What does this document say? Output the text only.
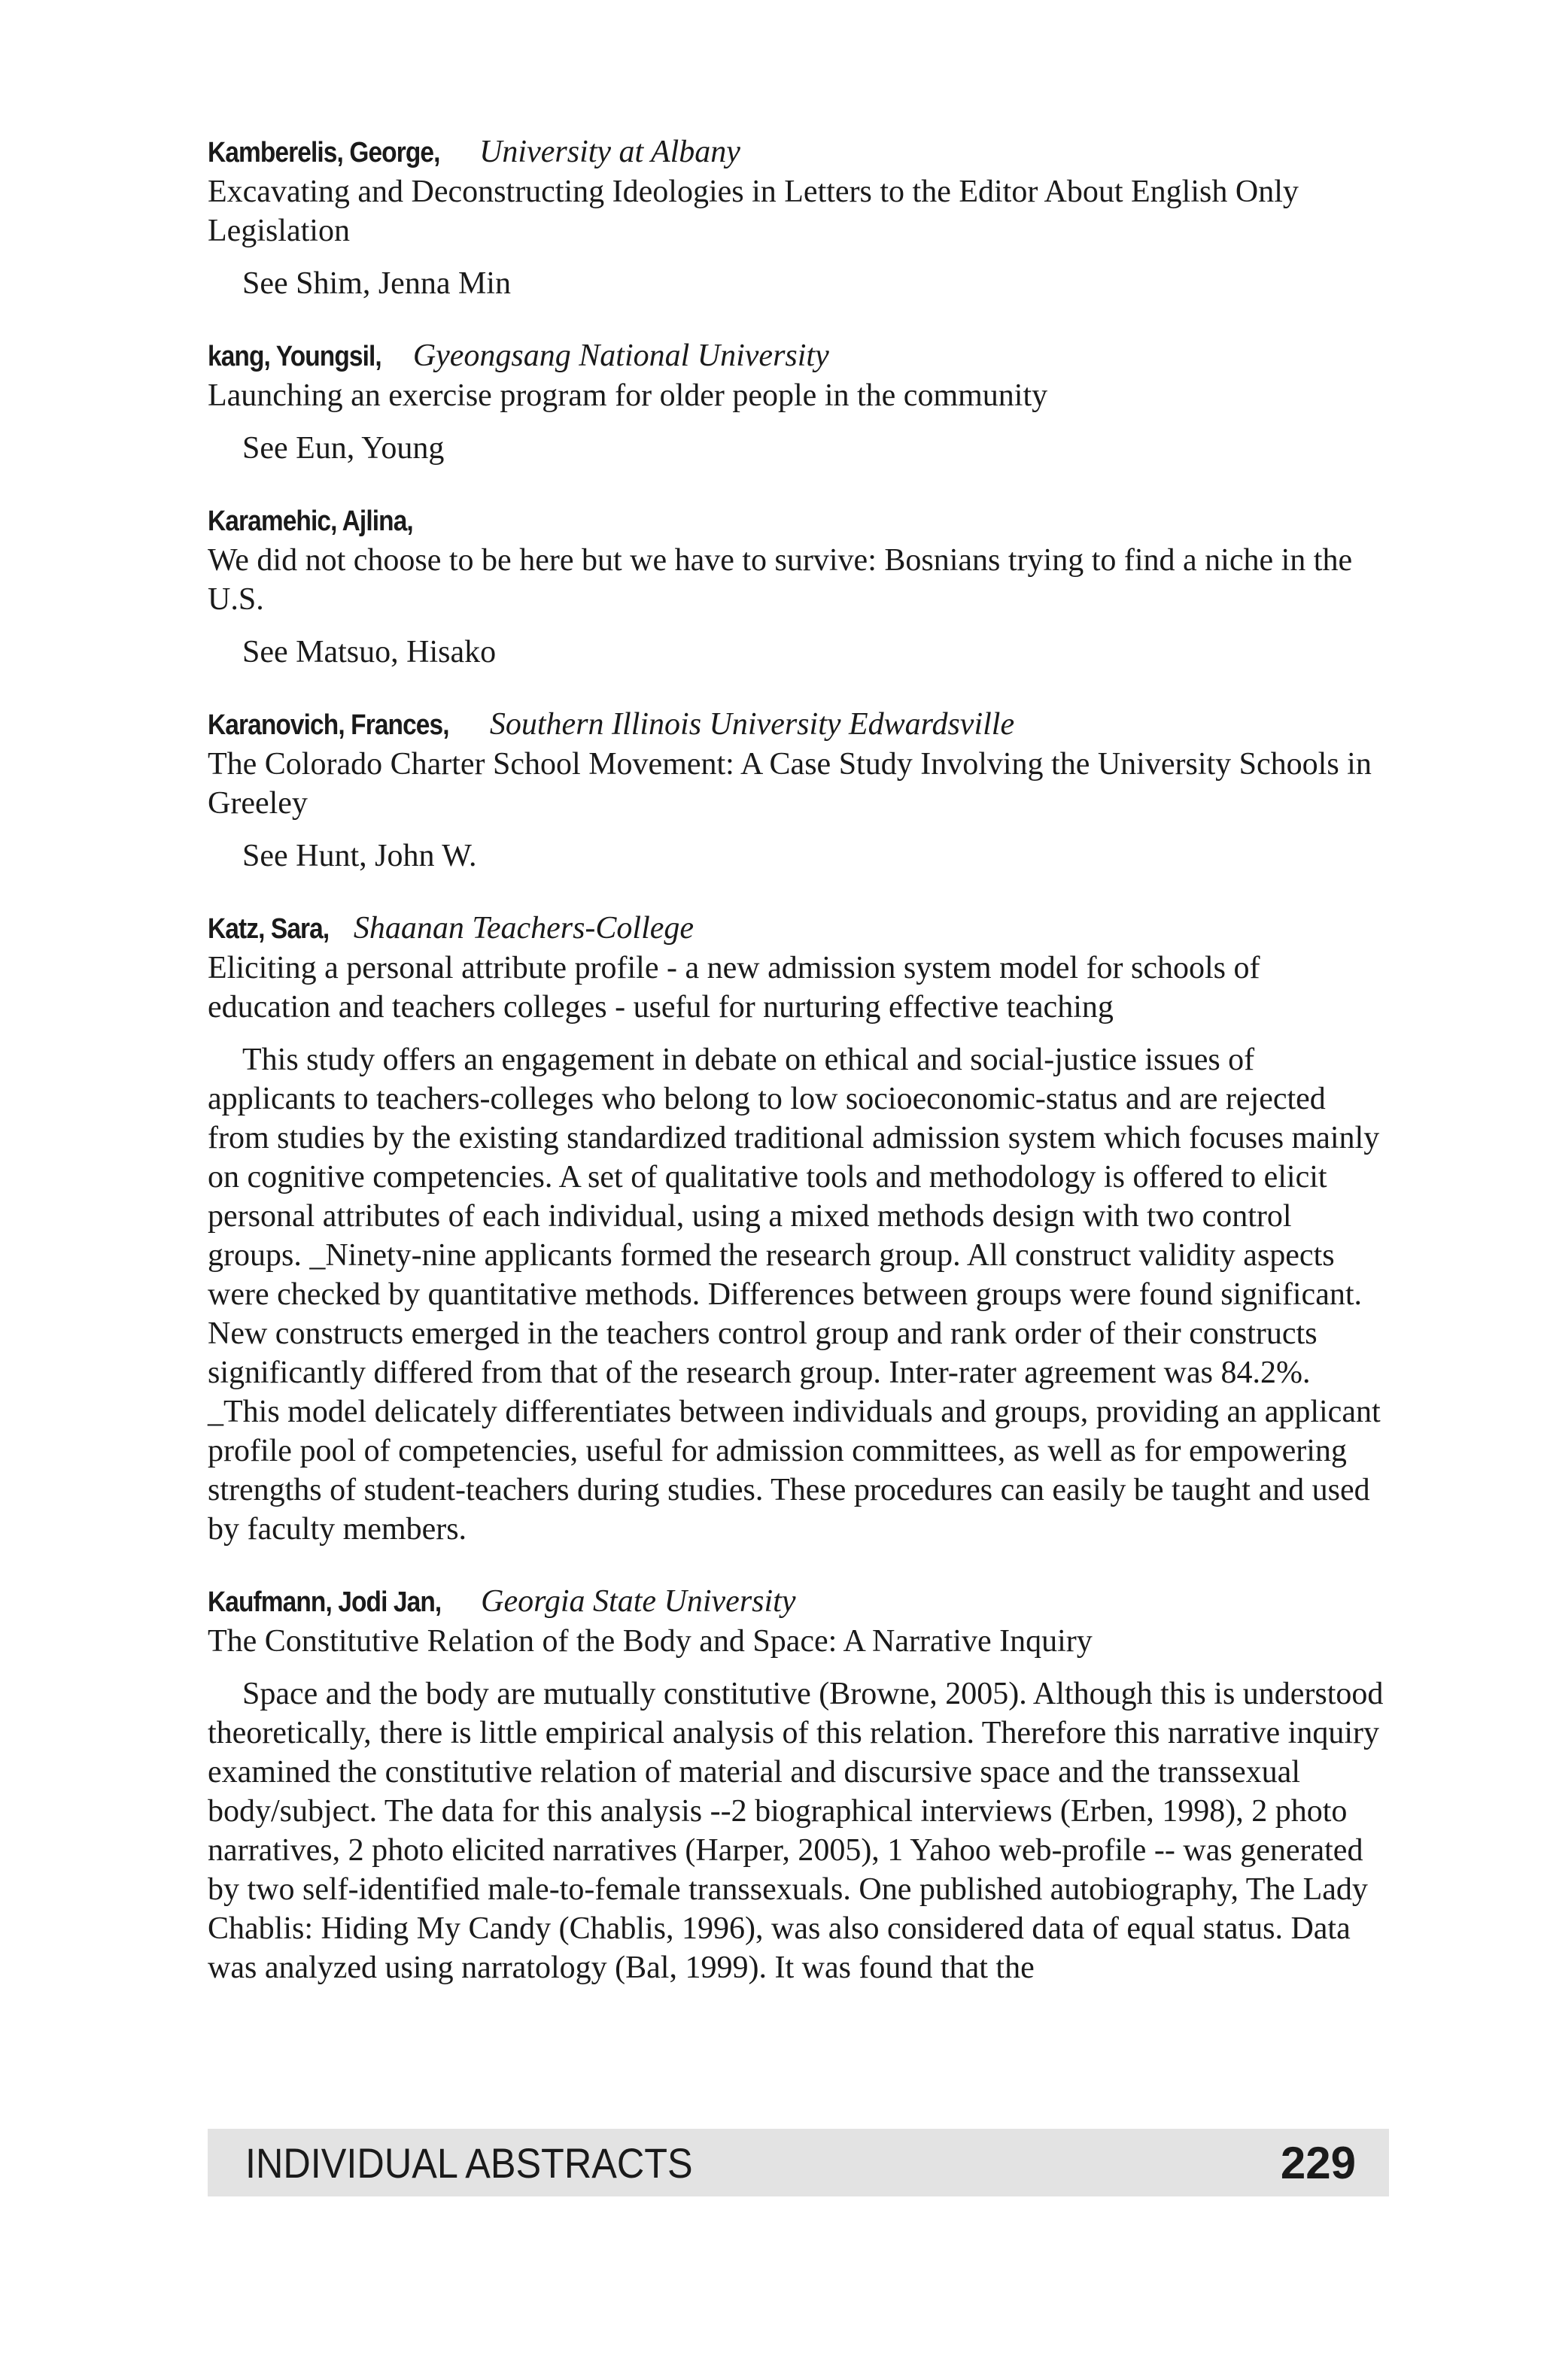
Kamberelis, George, University at Albany
Excavating and Deconstructing Ideologies in Letters to the Editor About English Only Legislation

See Shim, Jenna Min

kang, Youngsil, Gyeongsang National University
Launching an exercise program for older people in the community

See Eun, Young

Karamehic, Ajlina,
We did not choose to be here but we have to survive: Bosnians trying to find a niche in the U.S.

See Matsuo, Hisako

Karanovich, Frances, Southern Illinois University Edwardsville
The Colorado Charter School Movement: A Case Study Involving the University Schools in Greeley

See Hunt, John W.

Katz, Sara, Shaanan Teachers-College
Eliciting a personal attribute profile - a new admission system model for schools of education and teachers colleges - useful for nurturing effective teaching

This study offers an engagement in debate on ethical and social-justice issues of applicants to teachers-colleges who belong to low socioeconomic-status and are rejected from studies by the existing standardized traditional admission system which focuses mainly on cognitive competencies. A set of qualitative tools and methodology is offered to elicit personal attributes of each individual, using a mixed methods design with two control groups. _Ninety-nine applicants formed the research group. All construct validity aspects were checked by quantitative methods. Differences between groups were found significant. New constructs emerged in the teachers control group and rank order of their constructs significantly differed from that of the research group. Inter-rater agreement was 84.2%. _This model delicately differentiates between individuals and groups, providing an applicant profile pool of competencies, useful for admission committees, as well as for empowering strengths of student-teachers during studies. These procedures can easily be taught and used by faculty members.

Kaufmann, Jodi Jan, Georgia State University
The Constitutive Relation of the Body and Space: A Narrative Inquiry

Space and the body are mutually constitutive (Browne, 2005). Although this is understood theoretically, there is little empirical analysis of this relation. Therefore this narrative inquiry examined the constitutive relation of material and discursive space and the transsexual body/subject. The data for this analysis --2 biographical interviews (Erben, 1998), 2 photo narratives, 2 photo elicited narratives (Harper, 2005), 1 Yahoo web-profile -- was generated by two self-identified male-to-female transsexuals. One published autobiography, The Lady Chablis: Hiding My Candy (Chablis, 1996), was also considered data of equal status. Data was analyzed using narratology (Bal, 1999). It was found that the

INDIVIDUAL ABSTRACTS	229
